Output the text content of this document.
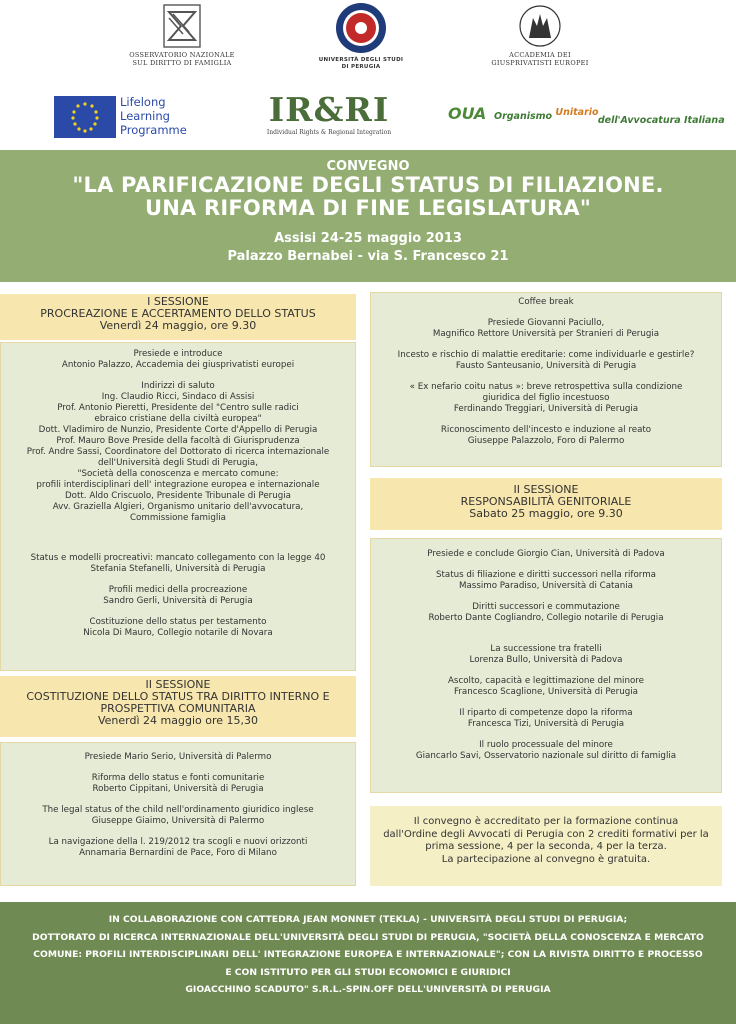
OSSERVATORIO NAZIONALE
SUL DIRITTO DI FAMIGLIA	UNIVERSITÀ DEGLI STUDI
DI PERUGIA
ACCADEMIA DEI
GIUSPRIVATISTI EUROPEI
Lifelong
Learning
Programme
IR&RI
Individual Rights & Regional Integration
OUA Organismo Unitario dell'Avvocatura Italiana
CONVEGNO
"LA PARIFICAZIONE DEGLI STATUS DI FILIAZIONE.
UNA RIFORMA DI FINE LEGISLATURA"
Assisi 24-25 maggio 2013
Palazzo Bernabei - via S. Francesco 21
I SESSIONE
PROCREAZIONE E ACCERTAMENTO DELLO STATUS
Venerdì 24 maggio, ore 9.30

Presiede e introduce

Antonio Palazzo, Accademia dei giusprivatisti europei

Indirizzi di saluto

Ing. Claudio Ricci, Sindaco di Assisi

Prof. Antonio Pieretti, Presidente del "Centro sulle radici

ebraico cristiane della civiltà europea"

Dott. Vladimiro de Nunzio, Presidente Corte d'Appello di Perugia

Prof. Mauro Bove Preside della facoltà di Giurisprudenza

Prof. Andre Sassi, Coordinatore del Dottorato di ricerca internazionale

dell'Università degli Studi di Perugia,

"Società della conoscenza e mercato comune:

profili interdisciplinari dell' integrazione europea e internazionale

Dott. Aldo Criscuolo, Presidente Tribunale di Perugia

Avv. Graziella Algieri, Organismo unitario dell'avvocatura,

Commissione famiglia

Status e modelli procreativi: mancato collegamento con la legge 40

Stefania Stefanelli, Università di Perugia

Profili medici della procreazione

Sandro Gerli, Università di Perugia

Costituzione dello status per testamento

Nicola Di Mauro, Collegio notarile di Novara

II SESSIONE
COSTITUZIONE DELLO STATUS TRA DIRITTO INTERNO E
PROSPETTIVA COMUNITARIA
Venerdì 24 maggio ore 15,30

Presiede Mario Serio, Università di Palermo

Riforma dello status e fonti comunitarie

Roberto Cippitani, Università di Perugia

The legal status of the child nell'ordinamento giuridico inglese

Giuseppe Giaimo, Università di Palermo

La navigazione della l. 219/2012 tra scogli e nuovi orizzonti

Annamaria Bernardini de Pace, Foro di Milano

Coffee break

Presiede Giovanni Paciullo,

Magnifico Rettore Università per Stranieri di Perugia

Incesto e rischio di malattie ereditarie: come individuarle e gestirle?

Fausto Santeusanio, Università di Perugia

« Ex nefario coitu natus »: breve retrospettiva sulla condizione

giuridica del figlio incestuoso

Ferdinando Treggiari, Università di Perugia

Riconoscimento dell'incesto e induzione al reato

Giuseppe Palazzolo, Foro di Palermo

II SESSIONE
RESPONSABILITÀ GENITORIALE
Sabato 25 maggio, ore 9.30

Presiede e conclude Giorgio Cian, Università di Padova

Status di filiazione e diritti successori nella riforma

Massimo Paradiso, Università di Catania

Diritti successori e commutazione

Roberto Dante Cogliandro, Collegio notarile di Perugia

La successione tra fratelli

Lorenza Bullo, Università di Padova

Ascolto, capacità e legittimazione del minore

Francesco Scaglione, Università di Perugia

Il riparto di competenze dopo la riforma

Francesca Tizi, Università di Perugia

Il ruolo processuale del minore

Giancarlo Savi, Osservatorio nazionale sul diritto di famiglia

Il convegno è accreditato per la formazione continua
dall'Ordine degli Avvocati di Perugia con 2 crediti formativi per la
prima sessione, 4 per la seconda, 4 per la terza.
La partecipazione al convegno è gratuita.
IN COLLABORAZIONE CON CATTEDRA JEAN MONNET (TEKLA) - UNIVERSITÀ DEGLI STUDI DI PERUGIA;
DOTTORATO DI RICERCA INTERNAZIONALE DELL'UNIVERSITÀ DEGLI STUDI DI PERUGIA, "SOCIETÀ DELLA CONOSCENZA E MERCATO
COMUNE: PROFILI INTERDISCIPLINARI DELL' INTEGRAZIONE EUROPEA E INTERNAZIONALE"; CON LA RIVISTA DIRITTO E PROCESSO
E CON ISTITUTO PER GLI STUDI ECONOMICI E GIURIDICI
GIOACCHINO SCADUTO" S.R.L.-SPIN.OFF DELL'UNIVERSITÀ DI PERUGIA
